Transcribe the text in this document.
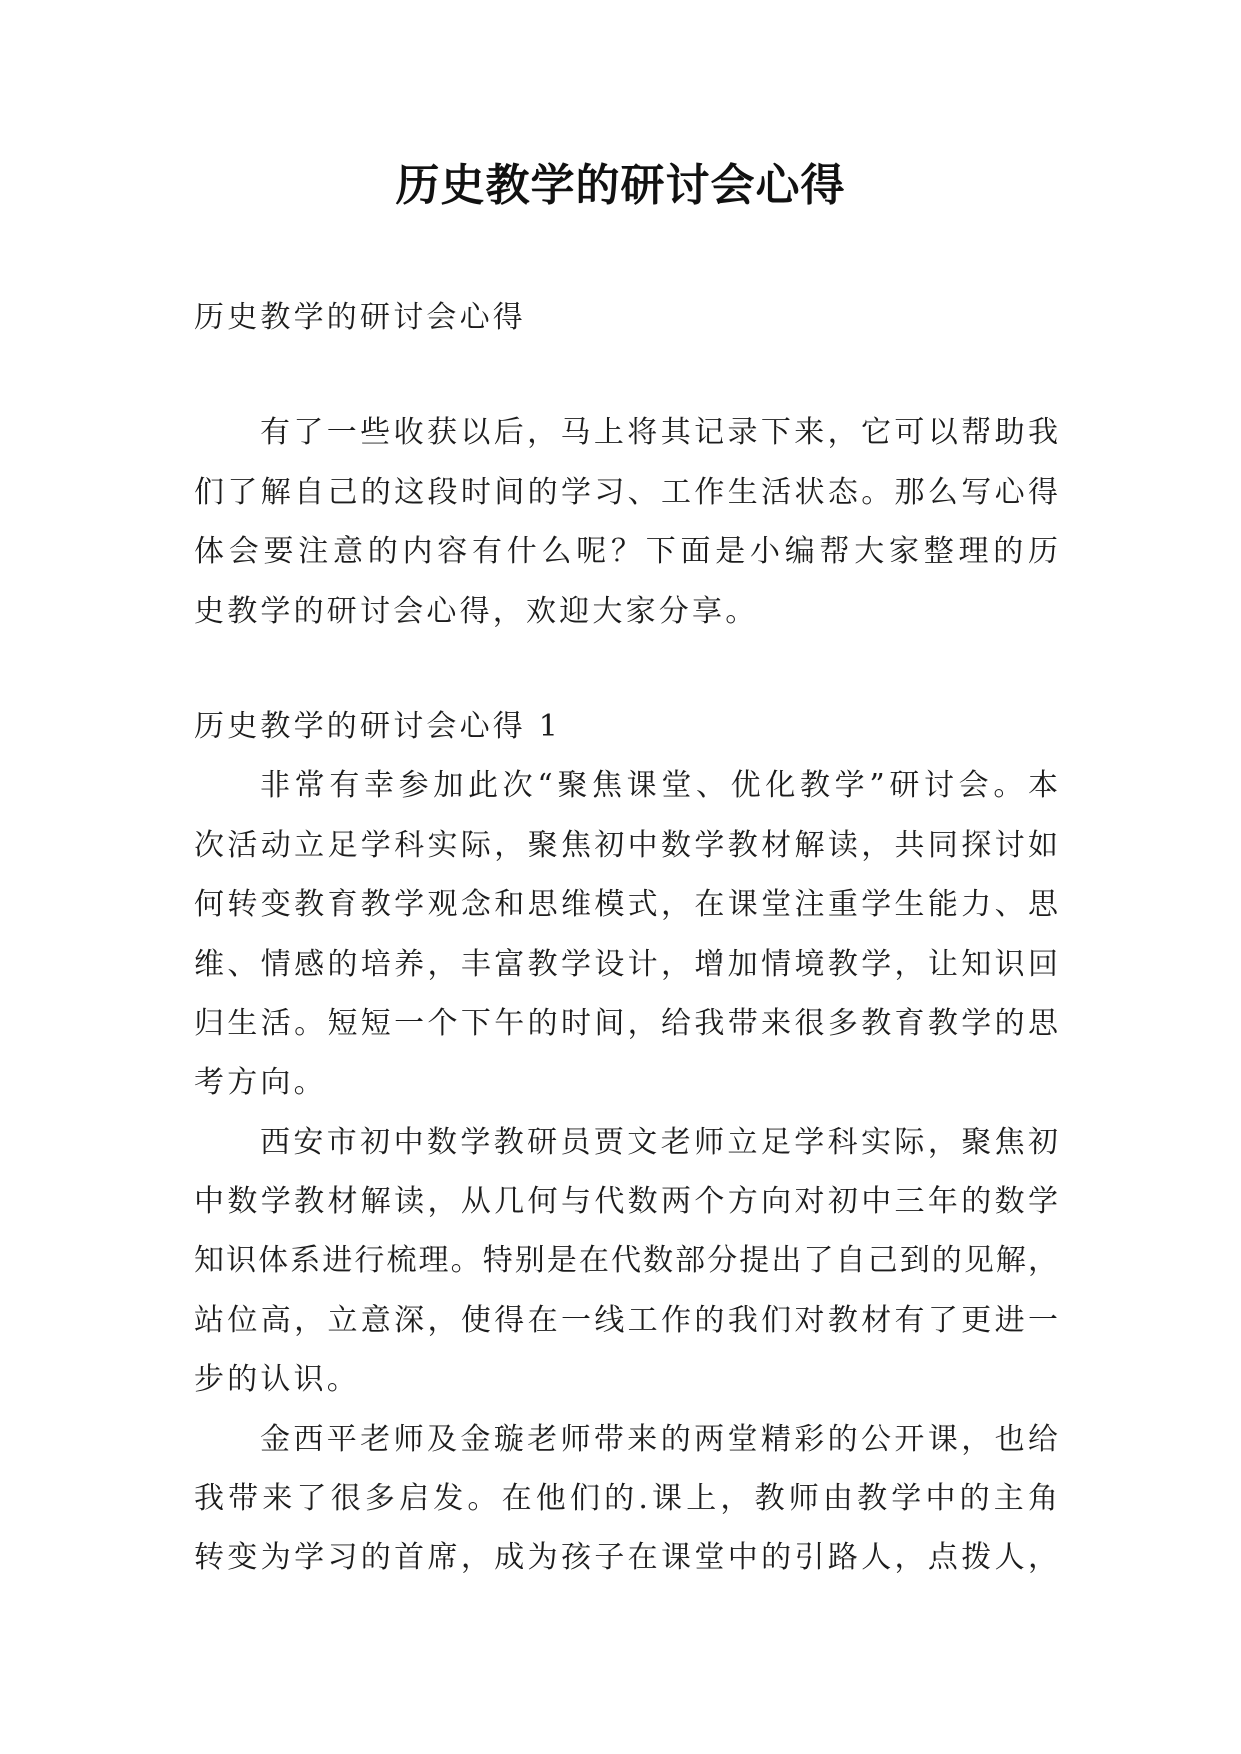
历史教学的研讨会心得
历史教学的研讨会心得
有了一些收获以后，马上将其记录下来，它可以帮助我
们了解自己的这段时间的学习、工作生活状态。那么写心得
体会要注意的内容有什么呢？下面是小编帮大家整理的历
史教学的研讨会心得，欢迎大家分享。
历史教学的研讨会心得 1
非常有幸参加此次“聚焦课堂、优化教学”研讨会。本
次活动立足学科实际，聚焦初中数学教材解读，共同探讨如
何转变教育教学观念和思维模式，在课堂注重学生能力、思
维、情感的培养，丰富教学设计，增加情境教学，让知识回
归生活。短短一个下午的时间，给我带来很多教育教学的思
考方向。
西安市初中数学教研员贾文老师立足学科实际，聚焦初
中数学教材解读，从几何与代数两个方向对初中三年的数学
知识体系进行梳理。特别是在代数部分提出了自己到的见解，
站位高，立意深，使得在一线工作的我们对教材有了更进一
步的认识。
金西平老师及金璇老师带来的两堂精彩的公开课，也给
我带来了很多启发。在他们的.课上，教师由教学中的主角
转变为学习的首席，成为孩子在课堂中的引路人，点拨人，
